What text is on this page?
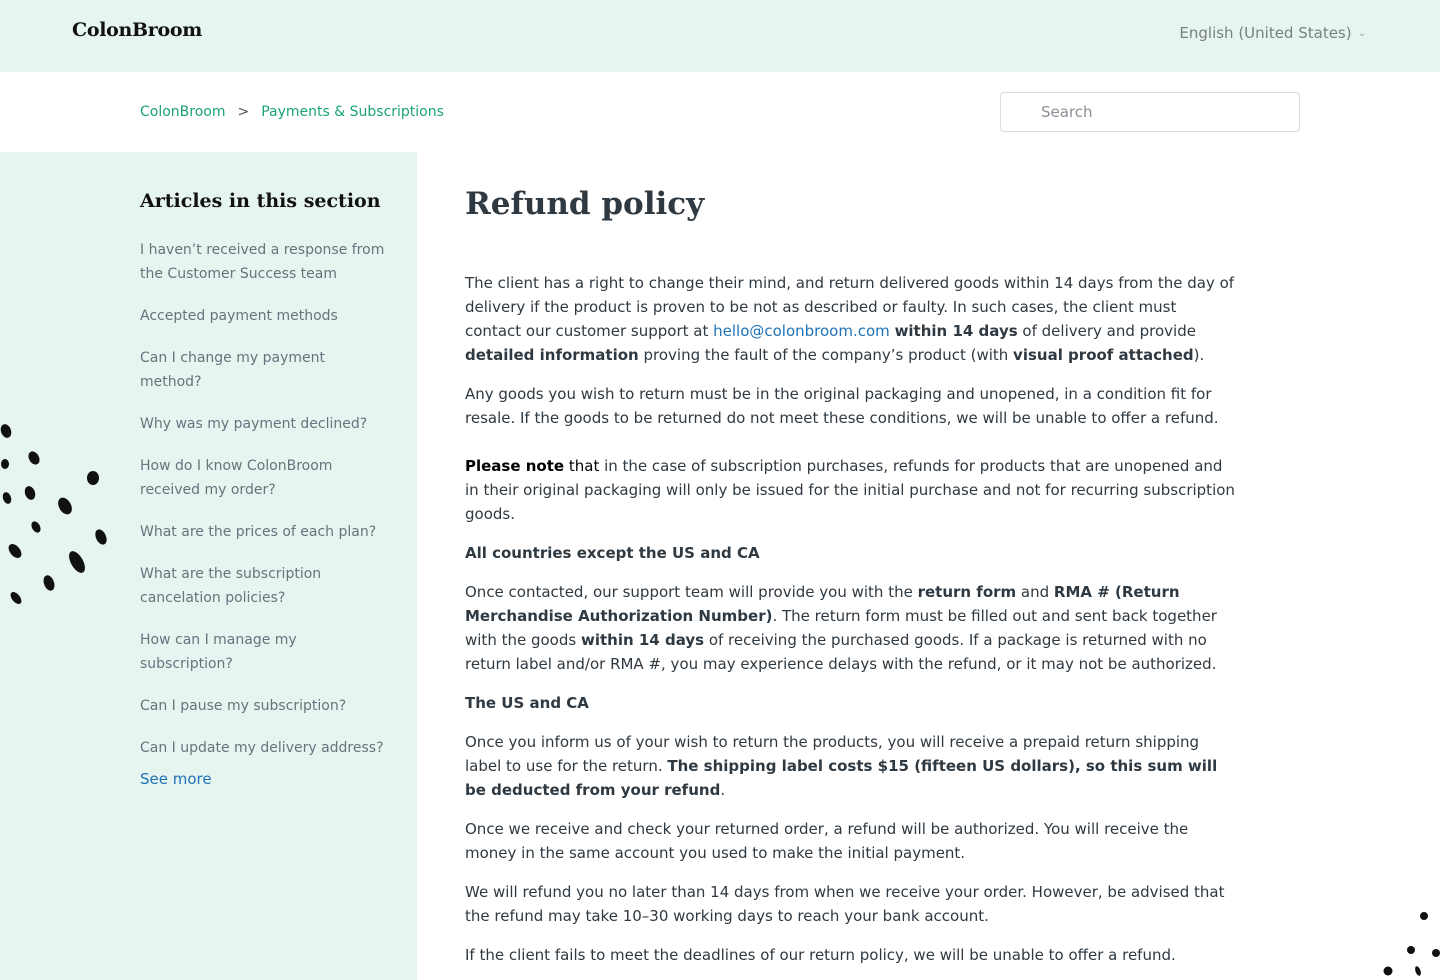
ColonBroom	English (United States) ⌄
ColonBroom > Payments & Subscriptions
Search
Articles in this section
I haven’t received a response from the Customer Success team
Accepted payment methods
Can I change my payment method?
Why was my payment declined?
How do I know ColonBroom received my order?
What are the prices of each plan?
What are the subscription cancelation policies?
How can I manage my subscription?
Can I pause my subscription?
Can I update my delivery address?
See more
Refund policy

The client has a right to change their mind, and return delivered goods within 14 days from the day of delivery if the product is proven to be not as described or faulty. In such cases, the client must contact our customer support at hello@colonbroom.com within 14 days of delivery and provide detailed information proving the fault of the company’s product (with visual proof attached).

Any goods you wish to return must be in the original packaging and unopened, in a condition fit for resale. If the goods to be returned do not meet these conditions, we will be unable to offer a refund.

Please note that in the case of subscription purchases, refunds for products that are unopened and in their original packaging will only be issued for the initial purchase and not for recurring subscription goods.

All countries except the US and CA

Once contacted, our support team will provide you with the return form and RMA # (Return Merchandise Authorization Number). The return form must be filled out and sent back together with the goods within 14 days of receiving the purchased goods. If a package is returned with no return label and/or RMA #, you may experience delays with the refund, or it may not be authorized.

The US and CA

Once you inform us of your wish to return the products, you will receive a prepaid return shipping label to use for the return. The shipping label costs $15 (fifteen US dollars), so this sum will be deducted from your refund.

Once we receive and check your returned order, a refund will be authorized. You will receive the money in the same account you used to make the initial payment.

We will refund you no later than 14 days from when we receive your order. However, be advised that the refund may take 10–30 working days to reach your bank account.

If the client fails to meet the deadlines of our return policy, we will be unable to offer a refund.
